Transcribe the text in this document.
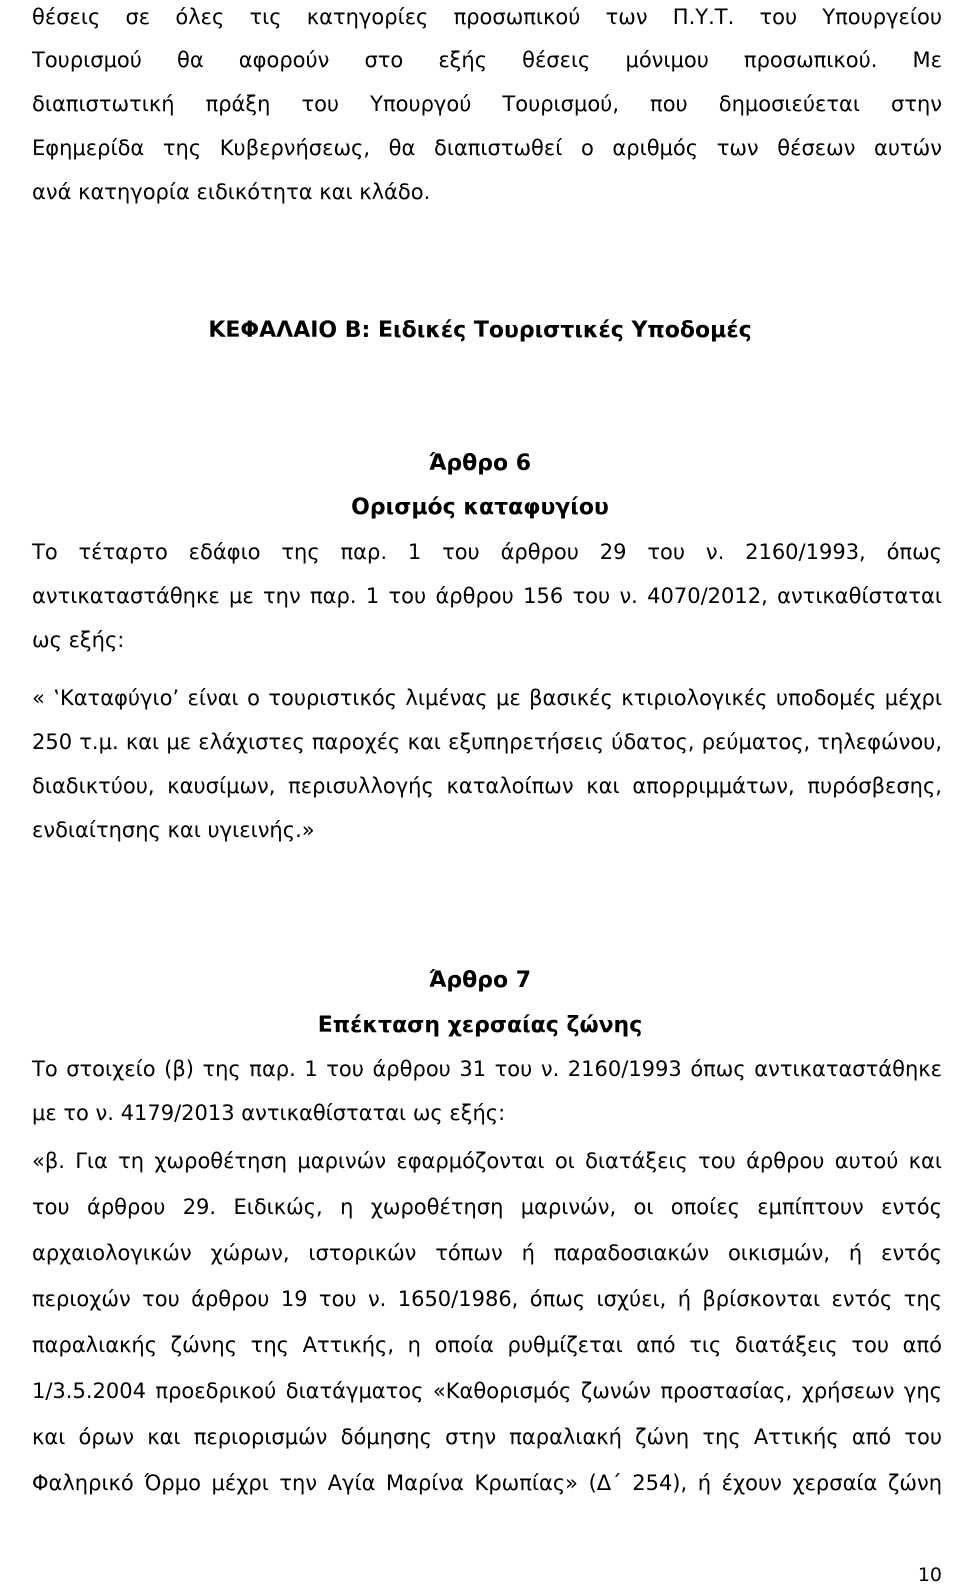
θέσεις σε όλες τις κατηγορίες προσωπικού των Π.Υ.Τ. του Υπουργείου
Τουρισμού θα αφορούν στο εξής θέσεις μόνιμου προσωπικού. Με
διαπιστωτική πράξη του Υπουργού Τουρισμού, που δημοσιεύεται στην
Εφημερίδα της Κυβερνήσεως, θα διαπιστωθεί ο αριθμός των θέσεων αυτών
ανά κατηγορία ειδικότητα και κλάδο.
ΚΕΦΑΛΑΙΟ Β: Ειδικές Τουριστικές Υποδομές
Άρθρο 6
Ορισμός καταφυγίου
Το τέταρτο εδάφιο της παρ. 1 του άρθρου 29 του ν. 2160/1993, όπως
αντικαταστάθηκε με την παρ. 1 του άρθρου 156 του ν. 4070/2012, αντικαθίσταται
ως εξής:
« ‛Καταφύγιο’ είναι ο τουριστικός λιμένας με βασικές κτιριολογικές υποδομές μέχρι
250 τ.μ. και με ελάχιστες παροχές και εξυπηρετήσεις ύδατος, ρεύματος, τηλεφώνου,
διαδικτύου, καυσίμων, περισυλλογής καταλοίπων και απορριμμάτων, πυρόσβεσης,
ενδιαίτησης και υγιεινής.»
Άρθρο 7
Επέκταση χερσαίας ζώνης
Το στοιχείο (β) της παρ. 1 του άρθρου 31 του ν. 2160/1993 όπως αντικαταστάθηκε
με το ν. 4179/2013 αντικαθίσταται ως εξής:
«β. Για τη χωροθέτηση μαρινών εφαρμόζονται οι διατάξεις του άρθρου αυτού και
του άρθρου 29. Ειδικώς, η χωροθέτηση μαρινών, οι οποίες εμπίπτουν εντός
αρχαιολογικών χώρων, ιστορικών τόπων ή παραδοσιακών οικισμών, ή εντός
περιοχών του άρθρου 19 του ν. 1650/1986, όπως ισχύει, ή βρίσκονται εντός της
παραλιακής ζώνης της Αττικής, η οποία ρυθμίζεται από τις διατάξεις του από
1/3.5.2004 προεδρικού διατάγματος «Καθορισμός ζωνών προστασίας, χρήσεων γης
και όρων και περιορισμών δόμησης στην παραλιακή ζώνη της Αττικής από του
Φαληρικό Όρμο μέχρι την Αγία Μαρίνα Κρωπίας» (Δ΄ 254), ή έχουν χερσαία ζώνη
10
